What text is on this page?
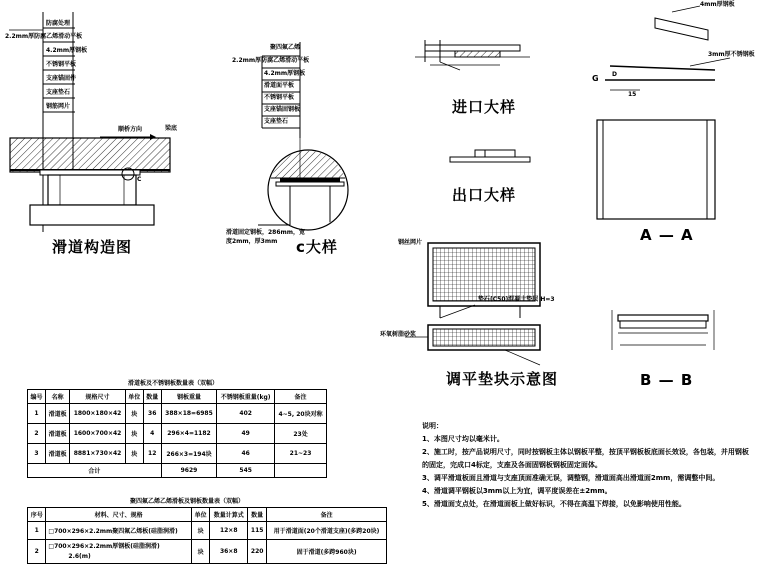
防腐处理
2.2mm厚防腐乙烯滑动平板
4.2mm厚钢板
不锈钢平板
支座锚固件
支座垫石
钢筋网片
顺桥方向	梁底
C
滑道构造图
聚四氟乙烯
2.2mm厚防腐乙烯滑动平板
4.2mm厚钢板
滑道面平板
不锈钢平板
支座锚固钢板
支座垫石
滑道固定钢板，286mm，宽度2mm，厚3mm	c大样
进口大样
出口大样
4mm厚钢板
3mm厚不锈钢板
G D
15
A — A
钢丝网片
垫石(C50)混凝土垫层 H=3
环氧树脂砂浆
调平垫块示意图	B — B
滑道板及不锈钢板数量表（双幅）
编号	名称	规格尺寸	单位	数量	钢板重量	不锈钢板重量(kg)	备注
1	滑道板	1800×180×42	块	36	388×18=6985	402	4~5, 20块对称
2	滑道板	1600×700×42	块	4	296×4=1182	49	23处
3	滑道板	8881×730×42	块	12	266×3=194块	46	21~23
合计					9629	545	
聚四氟乙烯乙烯滑板及钢板数量表（双幅）
序号	材料、尺寸、规格	单位	数量计算式	数量	备注
1	□700×296×2.2mm聚四氟乙烯板(硅脂润滑)	块	12×8	115	用于滑道面(20个滑道支座)(多跨20块)
2	□700×296×2.2mm厚钢板(硅脂润滑)
2.6(m)	块	36×8	220	固于滑道(多跨960块)
说明：
1、本图尺寸均以毫米计。
2、施工时，按产品说明尺寸，同时按钢板主体以钢板平整，按顶平钢板板底面长效设，各包装，并用钢板的固定，完成口4标定，支座及各面固钢板钢板固定面体。
3、调平滑道板面且滑道与支座顶面准确无误，调整钢，滑道面高出滑道面2mm，需调整中间。
4、滑道调平钢板以3mm以上为宜，调平度误差在±2mm。
5、滑道面支点处，在滑道面板上做好标识，不得在高温下焊接，以免影响使用性能。
